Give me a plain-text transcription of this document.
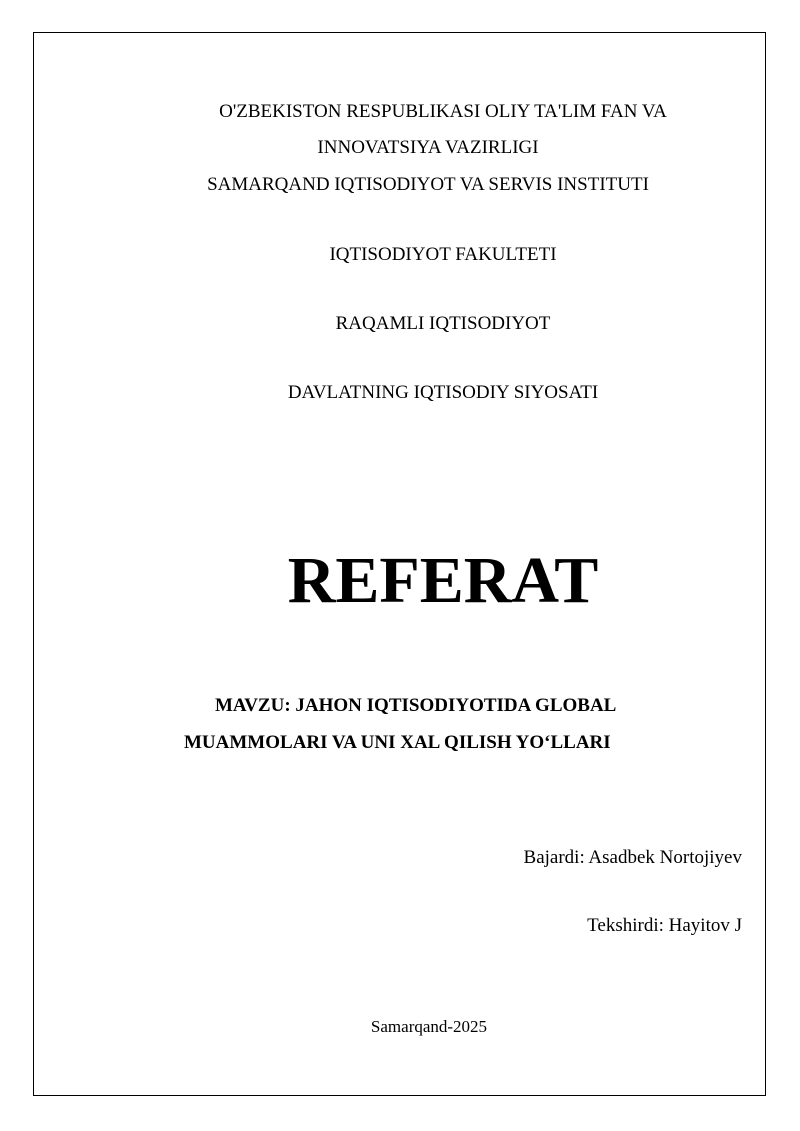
O'ZBEKISTON RESPUBLIKASI OLIY TA'LIM FAN VA
INNOVATSIYA VAZIRLIGI
SAMARQAND IQTISODIYOT VA SERVIS INSTITUTI
IQTISODIYOT FAKULTETI
RAQAMLI IQTISODIYOT
DAVLATNING IQTISODIY SIYOSATI
REFERAT
MAVZU: JAHON IQTISODIYOTIDA GLOBAL
MUAMMOLARI VA UNI XAL QILISH YO‘LLARI
Bajardi: Asadbek Nortojiyev
Tekshirdi: Hayitov J
Samarqand-2025
